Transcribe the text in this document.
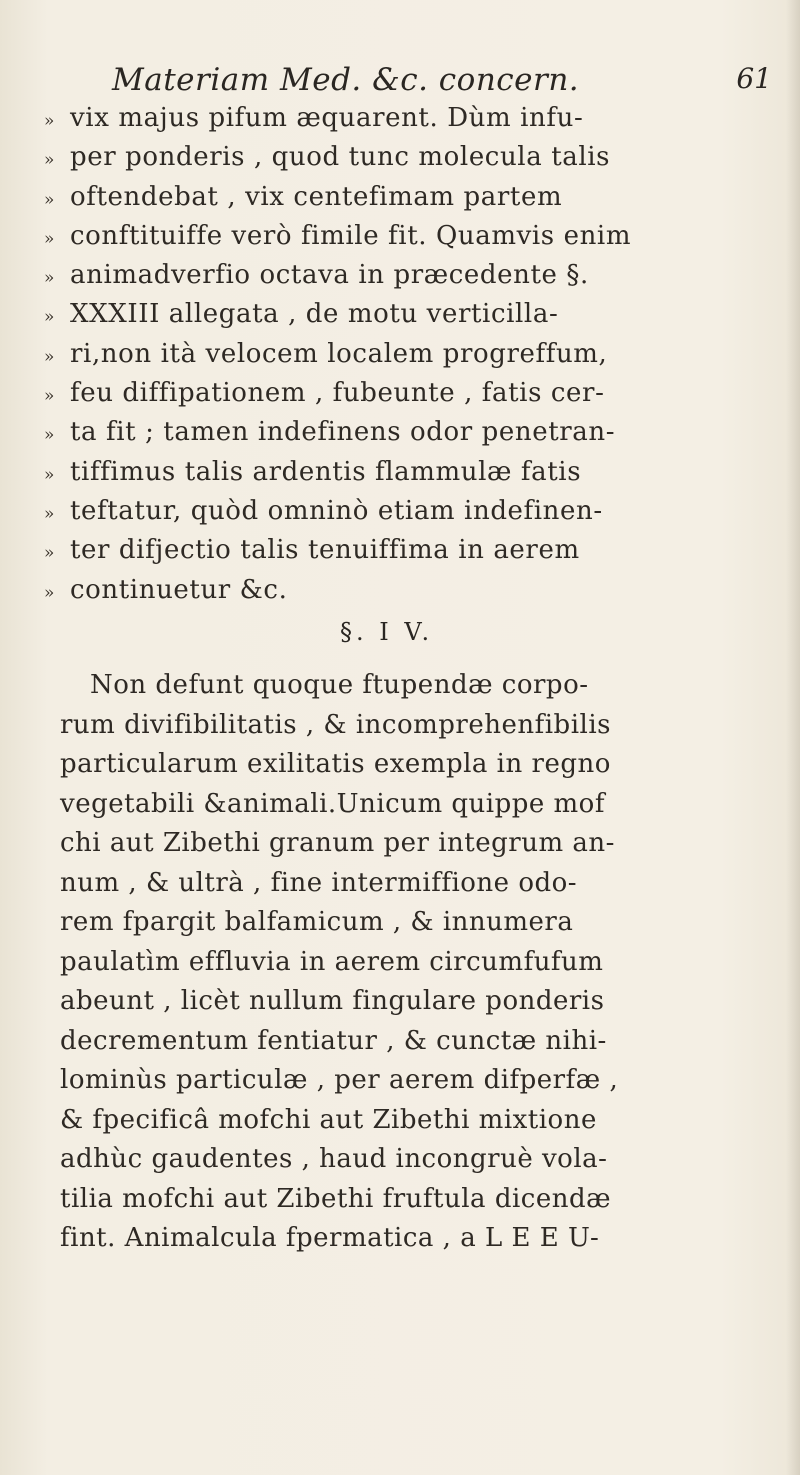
Materiam Med. &c. concern.	61
» vix majus pifum æquarent. Dùm infu-
» per ponderis , quod tunc molecula talis
» oftendebat , vix centefimam partem
» conftituiffe verò fimile fit. Quamvis enim
» animadverfio octava in præcedente §.
» XXXIII allegata , de motu verticilla-
» ri,non ità velocem localem progreffum,
» feu diffipationem , fubeunte , fatis cer-
» ta fit ; tamen indefinens odor penetran-
» tiffimus talis ardentis flammulæ fatis
» teftatur, quòd omninò etiam indefinen-
» ter difjectio talis tenuiffima in aerem
» continuetur &c.
§. I V.
Non defunt quoque ftupendæ corpo-
rum divifibilitatis , & incomprehenfibilis
particularum exilitatis exempla in regno
vegetabili &animali.Unicum quippe mof
chi aut Zibethi granum per integrum an-
num , & ultrà , fine intermiffione odo-
rem fpargit balfamicum , & innumera
paulatìm effluvia in aerem circumfufum
abeunt , licèt nullum fingulare ponderis
decrementum fentiatur , & cunctæ nihi-
lominùs particulæ , per aerem difperfæ ,
& fpecificâ mofchi aut Zibethi mixtione
adhùc gaudentes , haud incongruè vola-
tilia mofchi aut Zibethi fruftula dicendæ
fint. Animalcula fpermatica , a L E E U-
